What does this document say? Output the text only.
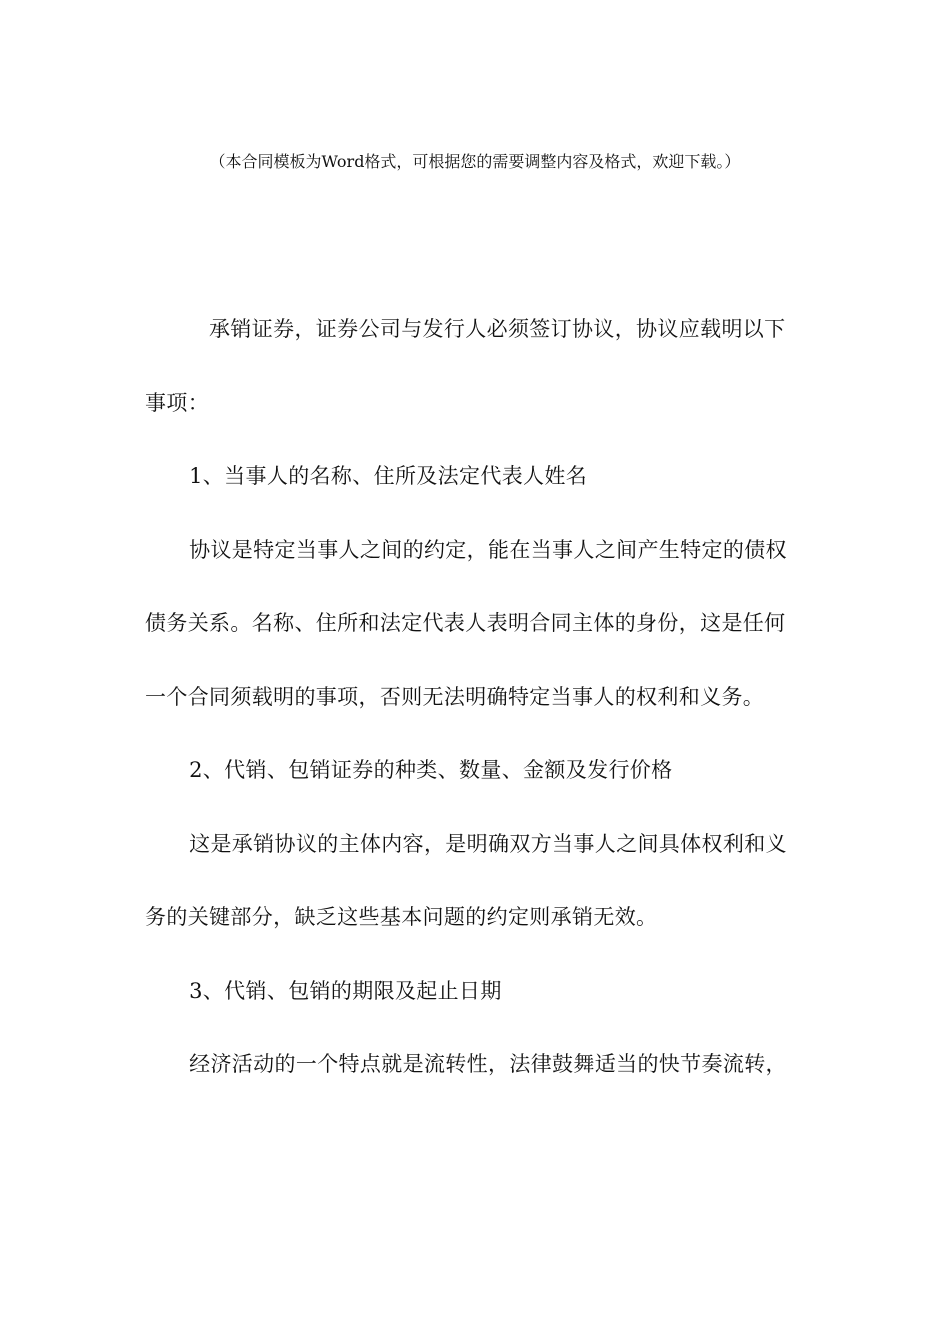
（本合同模板为Word格式，可根据您的需要调整内容及格式，欢迎下载。）

承销证券，证券公司与发行人必须签订协议，协议应载明以下事项：

1、当事人的名称、住所及法定代表人姓名

协议是特定当事人之间的约定，能在当事人之间产生特定的债权债务关系。名称、住所和法定代表人表明合同主体的身份，这是任何一个合同须载明的事项，否则无法明确特定当事人的权利和义务。

2、代销、包销证券的种类、数量、金额及发行价格

这是承销协议的主体内容，是明确双方当事人之间具体权利和义务的关键部分，缺乏这些基本问题的约定则承销无效。

3、代销、包销的期限及起止日期

经济活动的一个特点就是流转性，法律鼓舞适当的快节奏流转，
